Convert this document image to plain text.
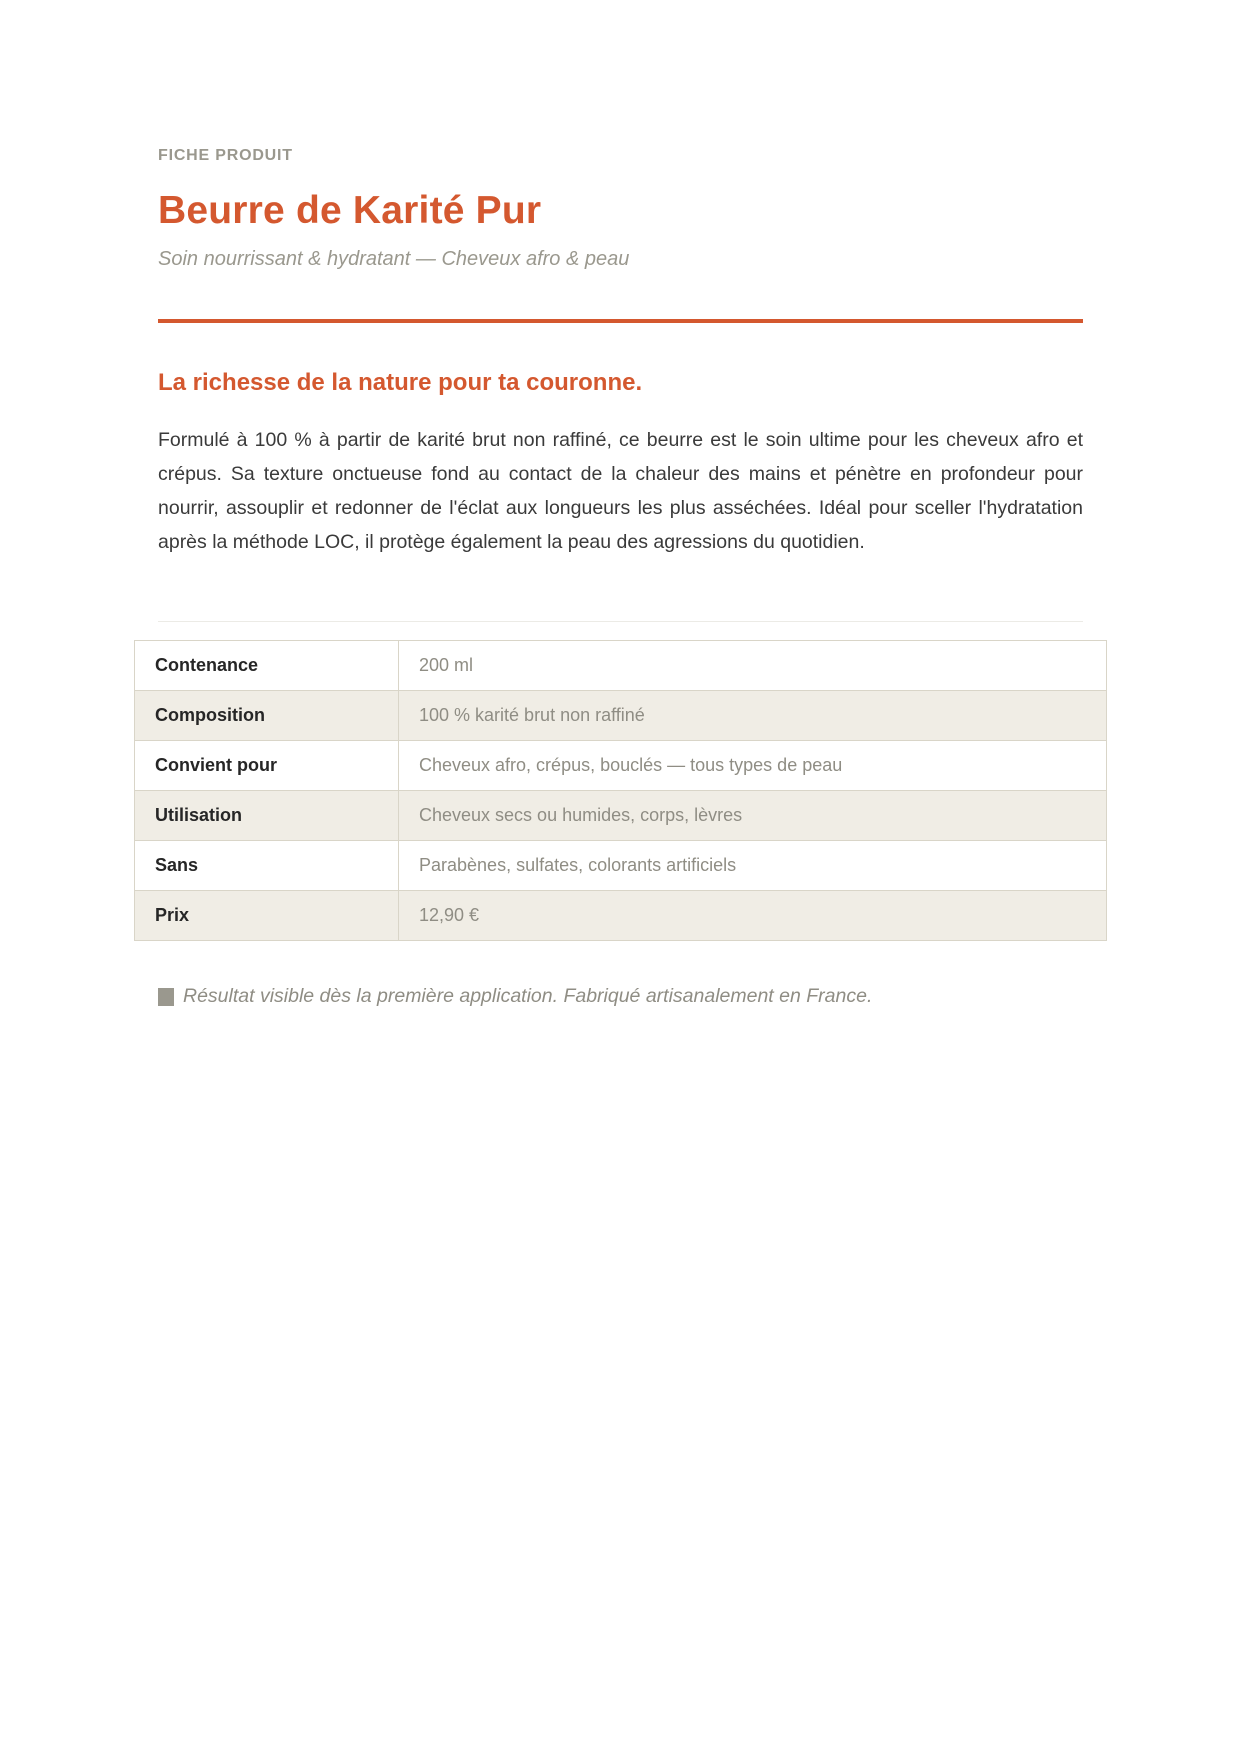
FICHE PRODUIT
Beurre de Karité Pur
Soin nourrissant & hydratant — Cheveux afro & peau
La richesse de la nature pour ta couronne.

Formulé à 100 % à partir de karité brut non raffiné, ce beurre est le soin ultime pour les cheveux afro et crépus. Sa texture onctueuse fond au contact de la chaleur des mains et pénètre en profondeur pour nourrir, assouplir et redonner de l'éclat aux longueurs les plus asséchées. Idéal pour sceller l'hydratation après la méthode LOC, il protège également la peau des agressions du quotidien.

Contenance	200 ml
Composition	100 % karité brut non raffiné
Convient pour	Cheveux afro, crépus, bouclés — tous types de peau
Utilisation	Cheveux secs ou humides, corps, lèvres
Sans	Parabènes, sulfates, colorants artificiels
Prix	12,90 €
Résultat visible dès la première application. Fabriqué artisanalement en France.
